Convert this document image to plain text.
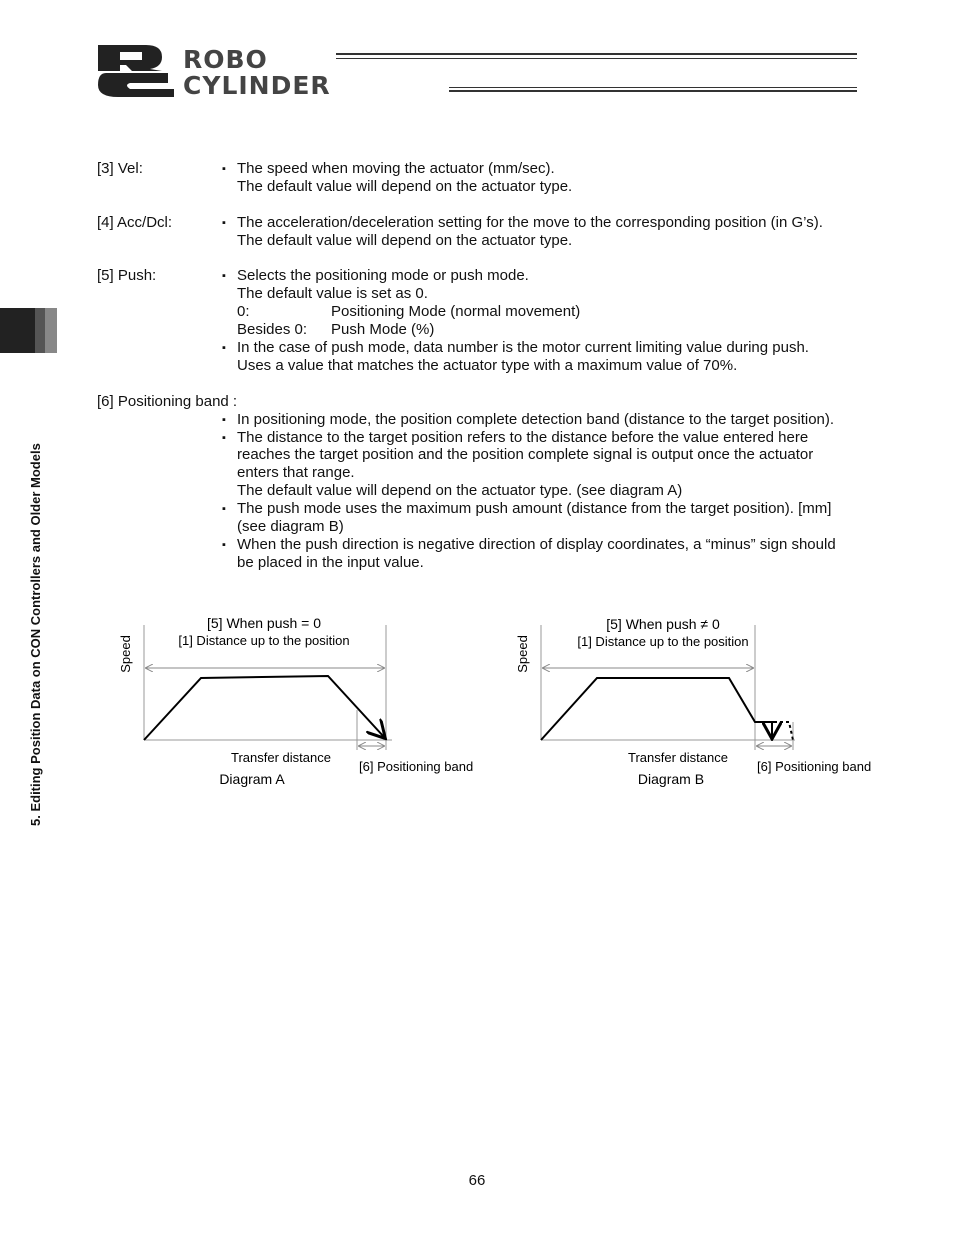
ROBO
CYLINDER
5. Editing Position Data on CON Controllers and Older Models
[3] Vel:	▪ The speed when moving the actuator (mm/sec).
The default value will depend on the actuator type.
[4] Acc/Dcl:	▪ The acceleration/deceleration setting for the move to the corresponding position (in G’s).
The default value will depend on the actuator type.
[5] Push:	▪ Selects the positioning mode or push mode.
The default value is set as 0.
0:	Positioning Mode (normal movement)
Besides 0: Push Mode (%)
▪ In the case of push mode, data number is the motor current limiting value during push.
Uses a value that matches the actuator type with a maximum value of 70%.
[6] Positioning band :
▪ In positioning mode, the position complete detection band (distance to the target position).
▪ The distance to the target position refers to the distance before the value entered here
reaches the target position and the position complete signal is output once the actuator
enters that range.
The default value will depend on the actuator type. (see diagram A)
▪ The push mode uses the maximum push amount (distance from the target position). [mm]
(see diagram B)
▪ When the push direction is negative direction of display coordinates, a “minus” sign should
be placed in the input value.
[5] When push = 0
[1] Distance up to the position
Speed
Transfer distance
[6] Positioning band
Diagram A
[5] When push ≠ 0
[1] Distance up to the position
Speed
Transfer distance
[6] Positioning band
Diagram B
66
